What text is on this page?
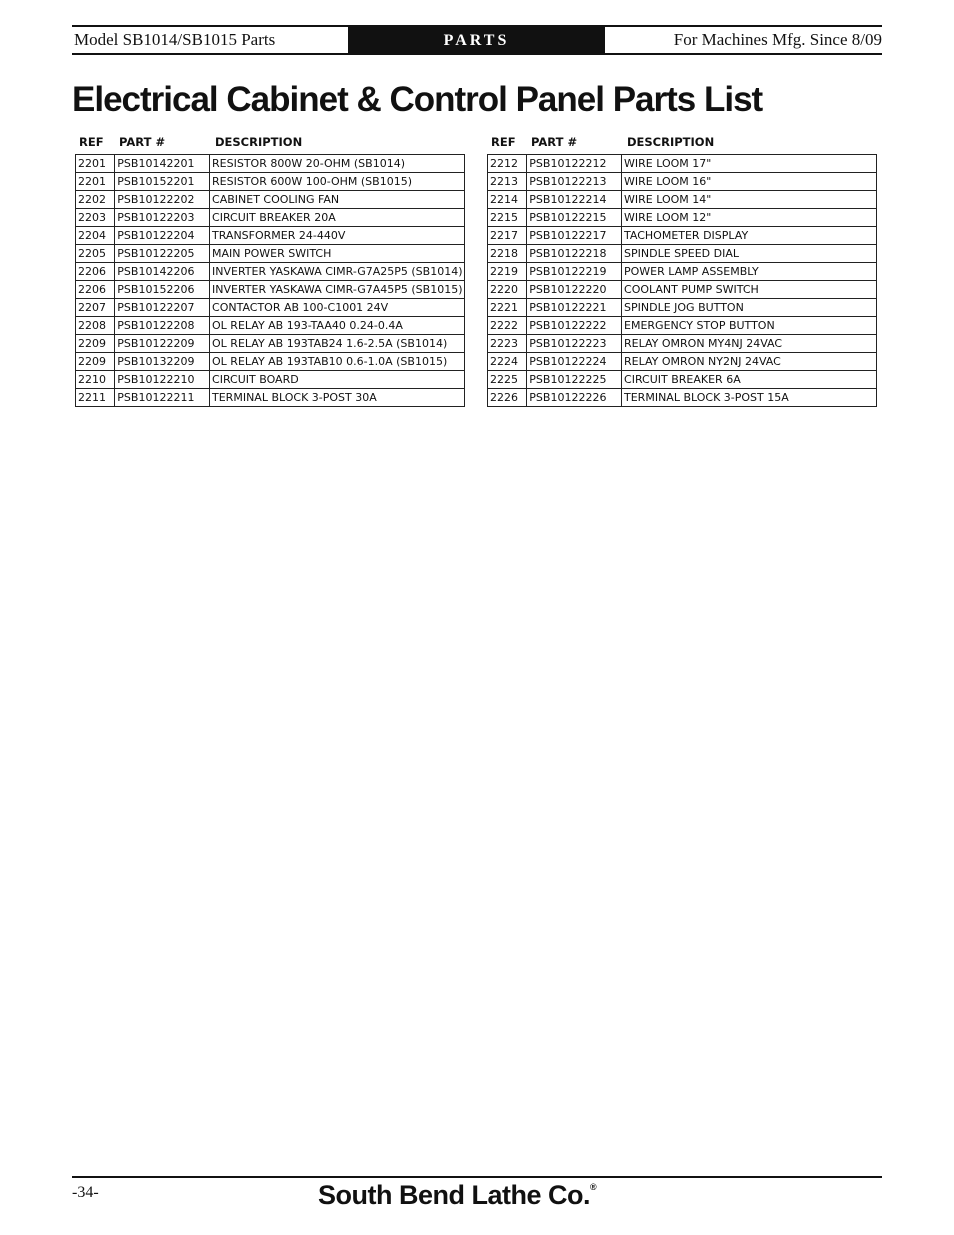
Model SB1014/SB1015 Parts	PARTS	For Machines Mfg. Since 8/09
Electrical Cabinet & Control Panel Parts List
REF PART #	DESCRIPTION
2201	PSB10142201	RESISTOR 800W 20-OHM (SB1014)
2201	PSB10152201	RESISTOR 600W 100-OHM (SB1015)
2202	PSB10122202	CABINET COOLING FAN
2203	PSB10122203	CIRCUIT BREAKER 20A
2204	PSB10122204	TRANSFORMER 24-440V
2205	PSB10122205	MAIN POWER SWITCH
2206	PSB10142206	INVERTER YASKAWA CIMR-G7A25P5 (SB1014)
2206	PSB10152206	INVERTER YASKAWA CIMR-G7A45P5 (SB1015)
2207	PSB10122207	CONTACTOR AB 100-C1001 24V
2208	PSB10122208	OL RELAY AB 193-TAA40 0.24-0.4A
2209	PSB10122209	OL RELAY AB 193TAB24 1.6-2.5A (SB1014)
2209	PSB10132209	OL RELAY AB 193TAB10 0.6-1.0A (SB1015)
2210	PSB10122210	CIRCUIT BOARD
2211	PSB10122211	TERMINAL BLOCK 3-POST 30A
REF PART #	DESCRIPTION
2212	PSB10122212	WIRE LOOM 17"
2213	PSB10122213	WIRE LOOM 16"
2214	PSB10122214	WIRE LOOM 14"
2215	PSB10122215	WIRE LOOM 12"
2217	PSB10122217	TACHOMETER DISPLAY
2218	PSB10122218	SPINDLE SPEED DIAL
2219	PSB10122219	POWER LAMP ASSEMBLY
2220	PSB10122220	COOLANT PUMP SWITCH
2221	PSB10122221	SPINDLE JOG BUTTON
2222	PSB10122222	EMERGENCY STOP BUTTON
2223	PSB10122223	RELAY OMRON MY4NJ 24VAC
2224	PSB10122224	RELAY OMRON NY2NJ 24VAC
2225	PSB10122225	CIRCUIT BREAKER 6A
2226	PSB10122226	TERMINAL BLOCK 3-POST 15A
-34-	South Bend Lathe Co.®
